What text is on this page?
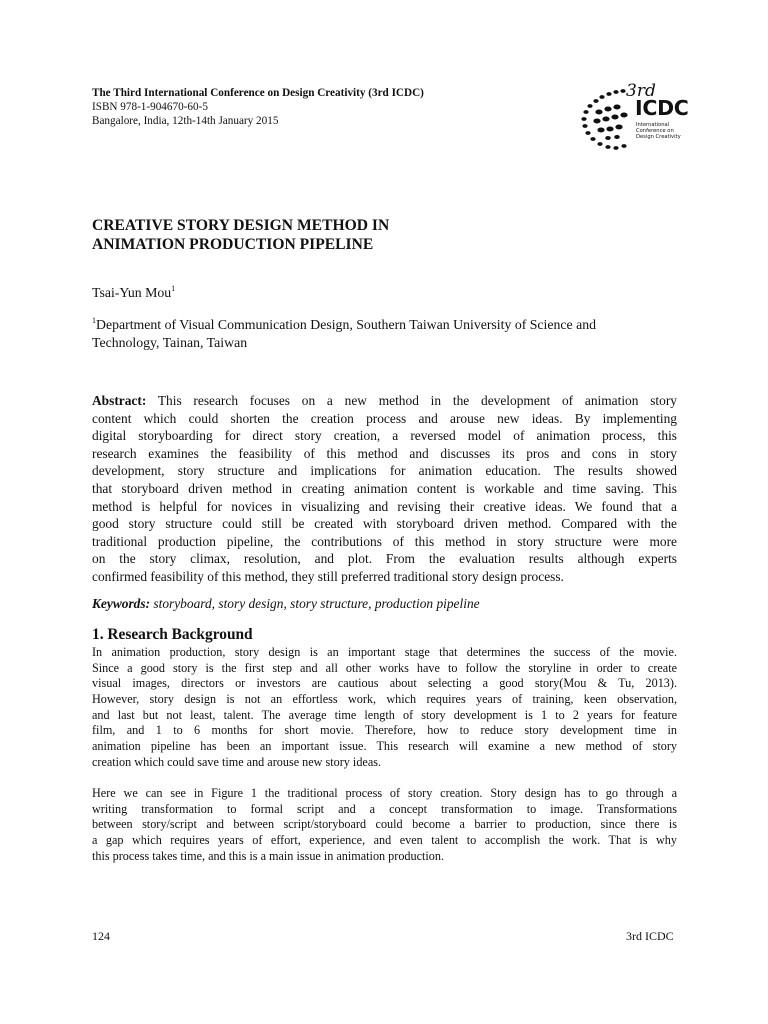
The Third International Conference on Design Creativity (3rd ICDC)
ISBN 978-1-904670-60-5
Bangalore, India, 12th-14th January 2015
3rd
ICDC
International
Conference on
Design Creativity
CREATIVE STORY DESIGN METHOD IN
ANIMATION PRODUCTION PIPELINE
Tsai-Yun Mou$^1$
$^1$Department of Visual Communication Design, Southern Taiwan University of Science and
Technology, Tainan, Taiwan
Abstract: This research focuses on a new method in the development of animation story
content which could shorten the creation process and arouse new ideas. By implementing
digital storyboarding for direct story creation, a reversed model of animation process, this
research examines the feasibility of this method and discusses its pros and cons in story
development, story structure and implications for animation education. The results showed
that storyboard driven method in creating animation content is workable and time saving. This
method is helpful for novices in visualizing and revising their creative ideas. We found that a
good story structure could still be created with storyboard driven method. Compared with the
traditional production pipeline, the contributions of this method in story structure were more
on the story climax, resolution, and plot. From the evaluation results although experts
confirmed feasibility of this method, they still preferred traditional story design process.
Keywords: storyboard, story design, story structure, production pipeline
1. Research Background
In animation production, story design is an important stage that determines the success of the movie.
Since a good story is the first step and all other works have to follow the storyline in order to create
visual images, directors or investors are cautious about selecting a good story(Mou & Tu, 2013).
However, story design is not an effortless work, which requires years of training, keen observation,
and last but not least, talent. The average time length of story development is 1 to 2 years for feature
film, and 1 to 6 months for short movie. Therefore, how to reduce story development time in
animation pipeline has been an important issue. This research will examine a new method of story
creation which could save time and arouse new story ideas.
Here we can see in Figure 1 the traditional process of story creation. Story design has to go through a
writing transformation to formal script and a concept transformation to image. Transformations
between story/script and between script/storyboard could become a barrier to production, since there is
a gap which requires years of effort, experience, and even talent to accomplish the work. That is why
this process takes time, and this is a main issue in animation production.
124	3rd ICDC
